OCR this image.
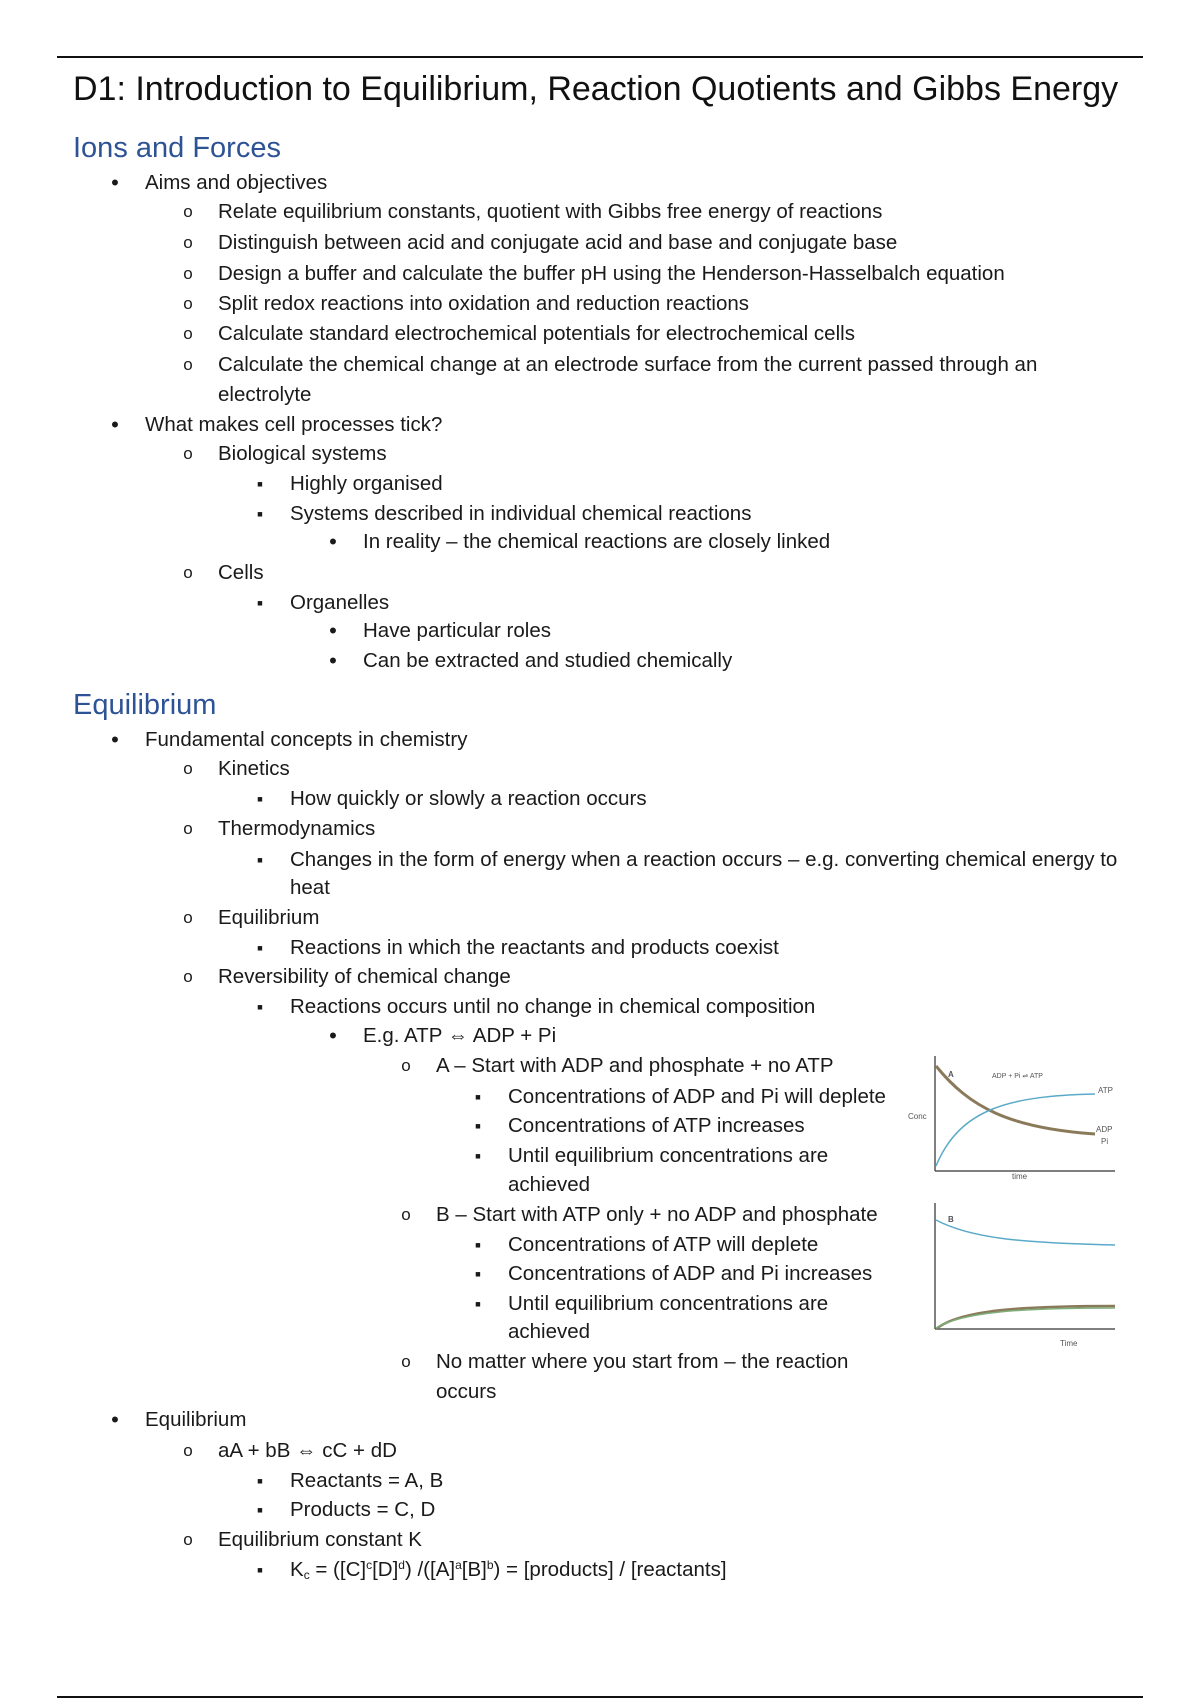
D1: Introduction to Equilibrium, Reaction Quotients and Gibbs Energy
Ions and Forces
•
Aims and objectives
o
Relate equilibrium constants, quotient with Gibbs free energy of reactions
o
Distinguish between acid and conjugate acid and base and conjugate base
o
Design a buffer and calculate the buffer pH using the Henderson-Hasselbalch equation
o
Split redox reactions into oxidation and reduction reactions
o
Calculate standard electrochemical potentials for electrochemical cells
o
Calculate the chemical change at an electrode surface from the current passed through an
electrolyte
•
What makes cell processes tick?
o
Biological systems
▪
Highly organised
▪
Systems described in individual chemical reactions
•
In reality – the chemical reactions are closely linked
o
Cells
▪
Organelles
•
Have particular roles
•
Can be extracted and studied chemically
Equilibrium
•
Fundamental concepts in chemistry
o
Kinetics
▪
How quickly or slowly a reaction occurs
o
Thermodynamics
▪
Changes in the form of energy when a reaction occurs – e.g. converting chemical energy to
heat
o
Equilibrium
▪
Reactions in which the reactants and products coexist
o
Reversibility of chemical change
▪
Reactions occurs until no change in chemical composition
•
E.g. ATP ⇔ ADP + Pi
o
A – Start with ADP and phosphate + no ATP
▪
Concentrations of ADP and Pi will deplete
▪
Concentrations of ATP increases
▪
Until equilibrium concentrations are
achieved
o
B – Start with ATP only + no ADP and phosphate
▪
Concentrations of ATP will deplete
▪
Concentrations of ADP and Pi increases
▪
Until equilibrium concentrations are
achieved
o
No matter where you start from – the reaction
occurs
•
Equilibrium
o
aA + bB ⇔ cC + dD
▪
Reactants = A, B
▪
Products = C, D
o
Equilibrium constant K
▪
$K_c = ([C]^c[D]^d) /([A]^a[B]^b)$ = [products] / [reactants]
A	ADP + Pi ⇌ ATP
Conc
time
ATP
ADP
Pi
B
Time
